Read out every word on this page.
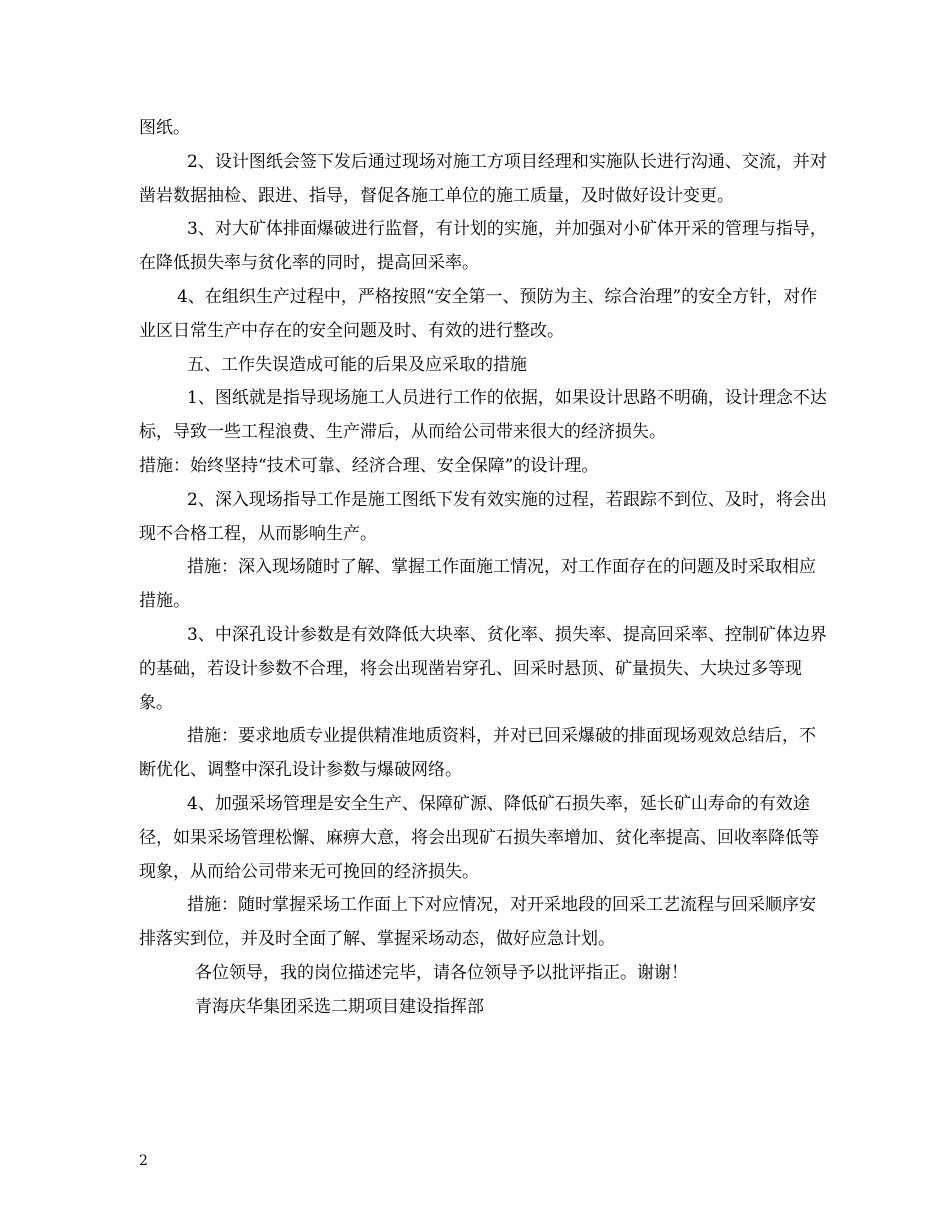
图纸。

2、设计图纸会签下发后通过现场对施工方项目经理和实施队长进行沟通、交流，并对凿岩数据抽检、跟进、指导，督促各施工单位的施工质量，及时做好设计变更。

3、对大矿体排面爆破进行监督，有计划的实施，并加强对小矿体开采的管理与指导，在降低损失率与贫化率的同时，提高回采率。

4、在组织生产过程中，严格按照“安全第一、预防为主、综合治理”的安全方针，对作业区日常生产中存在的安全问题及时、有效的进行整改。

五、工作失误造成可能的后果及应采取的措施

1、图纸就是指导现场施工人员进行工作的依据，如果设计思路不明确，设计理念不达标，导致一些工程浪费、生产滞后，从而给公司带来很大的经济损失。

措施：始终坚持“技术可靠、经济合理、安全保障”的设计理。

2、深入现场指导工作是施工图纸下发有效实施的过程，若跟踪不到位、及时，将会出现不合格工程，从而影响生产。

措施：深入现场随时了解、掌握工作面施工情况，对工作面存在的问题及时采取相应措施。

3、中深孔设计参数是有效降低大块率、贫化率、损失率、提高回采率、控制矿体边界的基础，若设计参数不合理，将会出现凿岩穿孔、回采时悬顶、矿量损失、大块过多等现象。

措施：要求地质专业提供精准地质资料，并对已回采爆破的排面现场观效总结后，不断优化、调整中深孔设计参数与爆破网络。

4、加强采场管理是安全生产、保障矿源、降低矿石损失率，延长矿山寿命的有效途径，如果采场管理松懈、麻痹大意，将会出现矿石损失率增加、贫化率提高、回收率降低等现象，从而给公司带来无可挽回的经济损失。

措施：随时掌握采场工作面上下对应情况，对开采地段的回采工艺流程与回采顺序安排落实到位，并及时全面了解、掌握采场动态，做好应急计划。

各位领导，我的岗位描述完毕，请各位领导予以批评指正。谢谢！

青海庆华集团采选二期项目建设指挥部

2
